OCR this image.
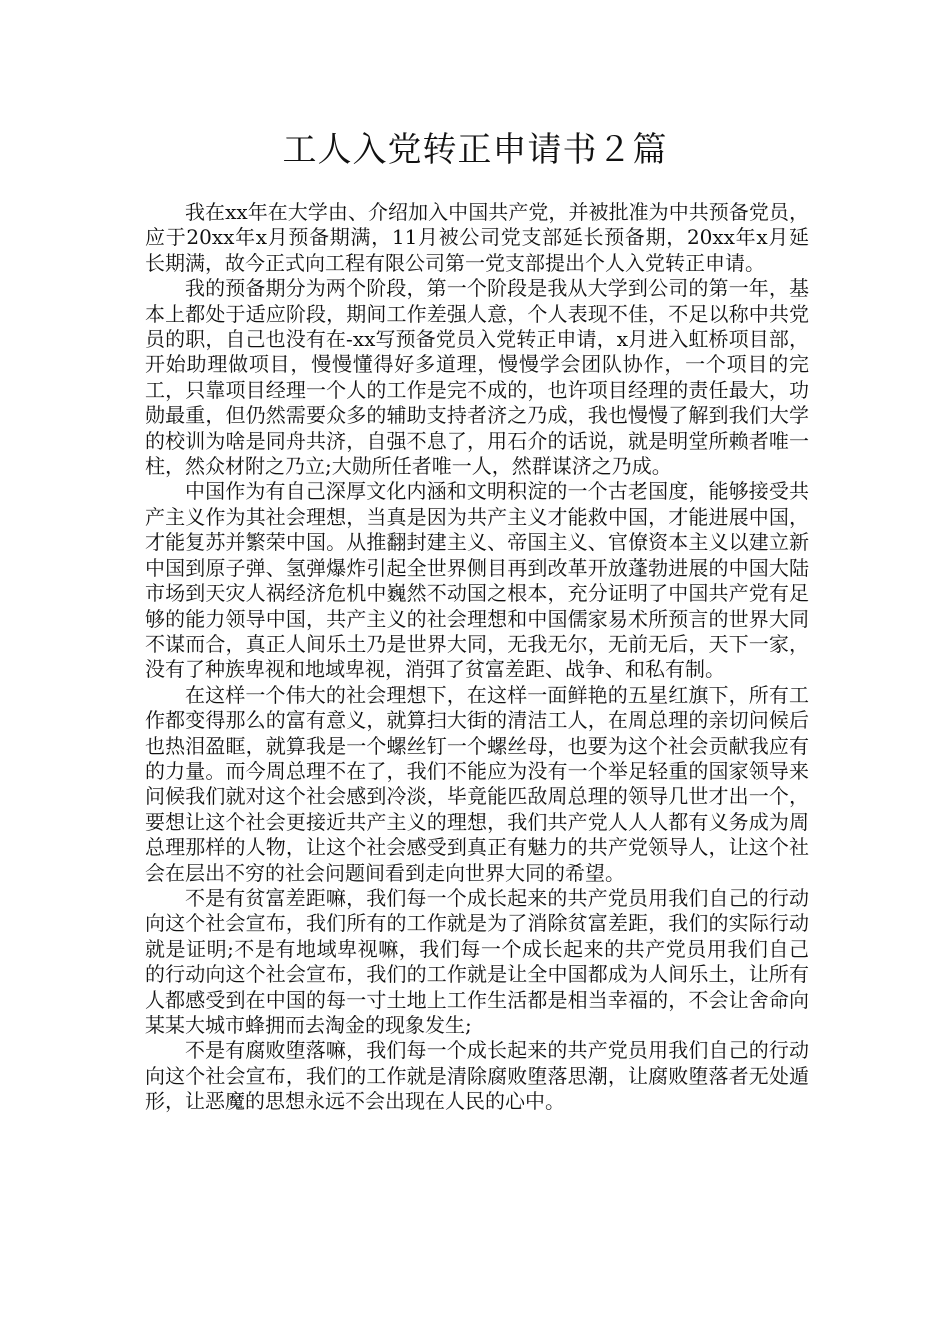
工人入党转正申请书２篇

我在xx年在大学由、介绍加入中国共产党，并被批准为中共预备党员，应于20xx年x月预备期满，11月被公司党支部延长预备期，20xx年x月延长期满，故今正式向工程有限公司第一党支部提出个人入党转正申请。

我的预备期分为两个阶段，第一个阶段是我从大学到公司的第一年，基本上都处于适应阶段，期间工作差强人意，个人表现不佳，不足以称中共党员的职，自己也没有在-xx写预备党员入党转正申请，x月进入虹桥项目部，开始助理做项目，慢慢懂得好多道理，慢慢学会团队协作，一个项目的完工，只靠项目经理一个人的工作是完不成的，也许项目经理的责任最大，功勋最重，但仍然需要众多的辅助支持者济之乃成，我也慢慢了解到我们大学的校训为啥是同舟共济，自强不息了，用石介的话说，就是明堂所赖者唯一柱，然众材附之乃立;大勋所任者唯一人，然群谋济之乃成。

中国作为有自己深厚文化内涵和文明积淀的一个古老国度，能够接受共产主义作为其社会理想，当真是因为共产主义才能救中国，才能进展中国，才能复苏并繁荣中国。从推翻封建主义、帝国主义、官僚资本主义以建立新中国到原子弹、氢弹爆炸引起全世界侧目再到改革开放蓬勃进展的中国大陆市场到天灾人祸经济危机中巍然不动国之根本，充分证明了中国共产党有足够的能力领导中国，共产主义的社会理想和中国儒家易术所预言的世界大同不谋而合，真正人间乐土乃是世界大同，无我无尔，无前无后，天下一家，没有了种族卑视和地域卑视，消弭了贫富差距、战争、和私有制。

在这样一个伟大的社会理想下，在这样一面鲜艳的五星红旗下，所有工作都变得那么的富有意义，就算扫大街的清洁工人，在周总理的亲切问候后也热泪盈眶，就算我是一个螺丝钉一个螺丝母，也要为这个社会贡献我应有的力量。而今周总理不在了，我们不能应为没有一个举足轻重的国家领导来问候我们就对这个社会感到冷淡，毕竟能匹敌周总理的领导几世才出一个，要想让这个社会更接近共产主义的理想，我们共产党人人人都有义务成为周总理那样的人物，让这个社会感受到真正有魅力的共产党领导人，让这个社会在层出不穷的社会问题间看到走向世界大同的希望。

不是有贫富差距嘛，我们每一个成长起来的共产党员用我们自己的行动向这个社会宣布，我们所有的工作就是为了消除贫富差距，我们的实际行动就是证明;不是有地域卑视嘛，我们每一个成长起来的共产党员用我们自己的行动向这个社会宣布，我们的工作就是让全中国都成为人间乐土，让所有人都感受到在中国的每一寸土地上工作生活都是相当幸福的，不会让舍命向某某大城市蜂拥而去淘金的现象发生;

不是有腐败堕落嘛，我们每一个成长起来的共产党员用我们自己的行动向这个社会宣布，我们的工作就是清除腐败堕落思潮，让腐败堕落者无处遁形，让恶魔的思想永远不会出现在人民的心中。
